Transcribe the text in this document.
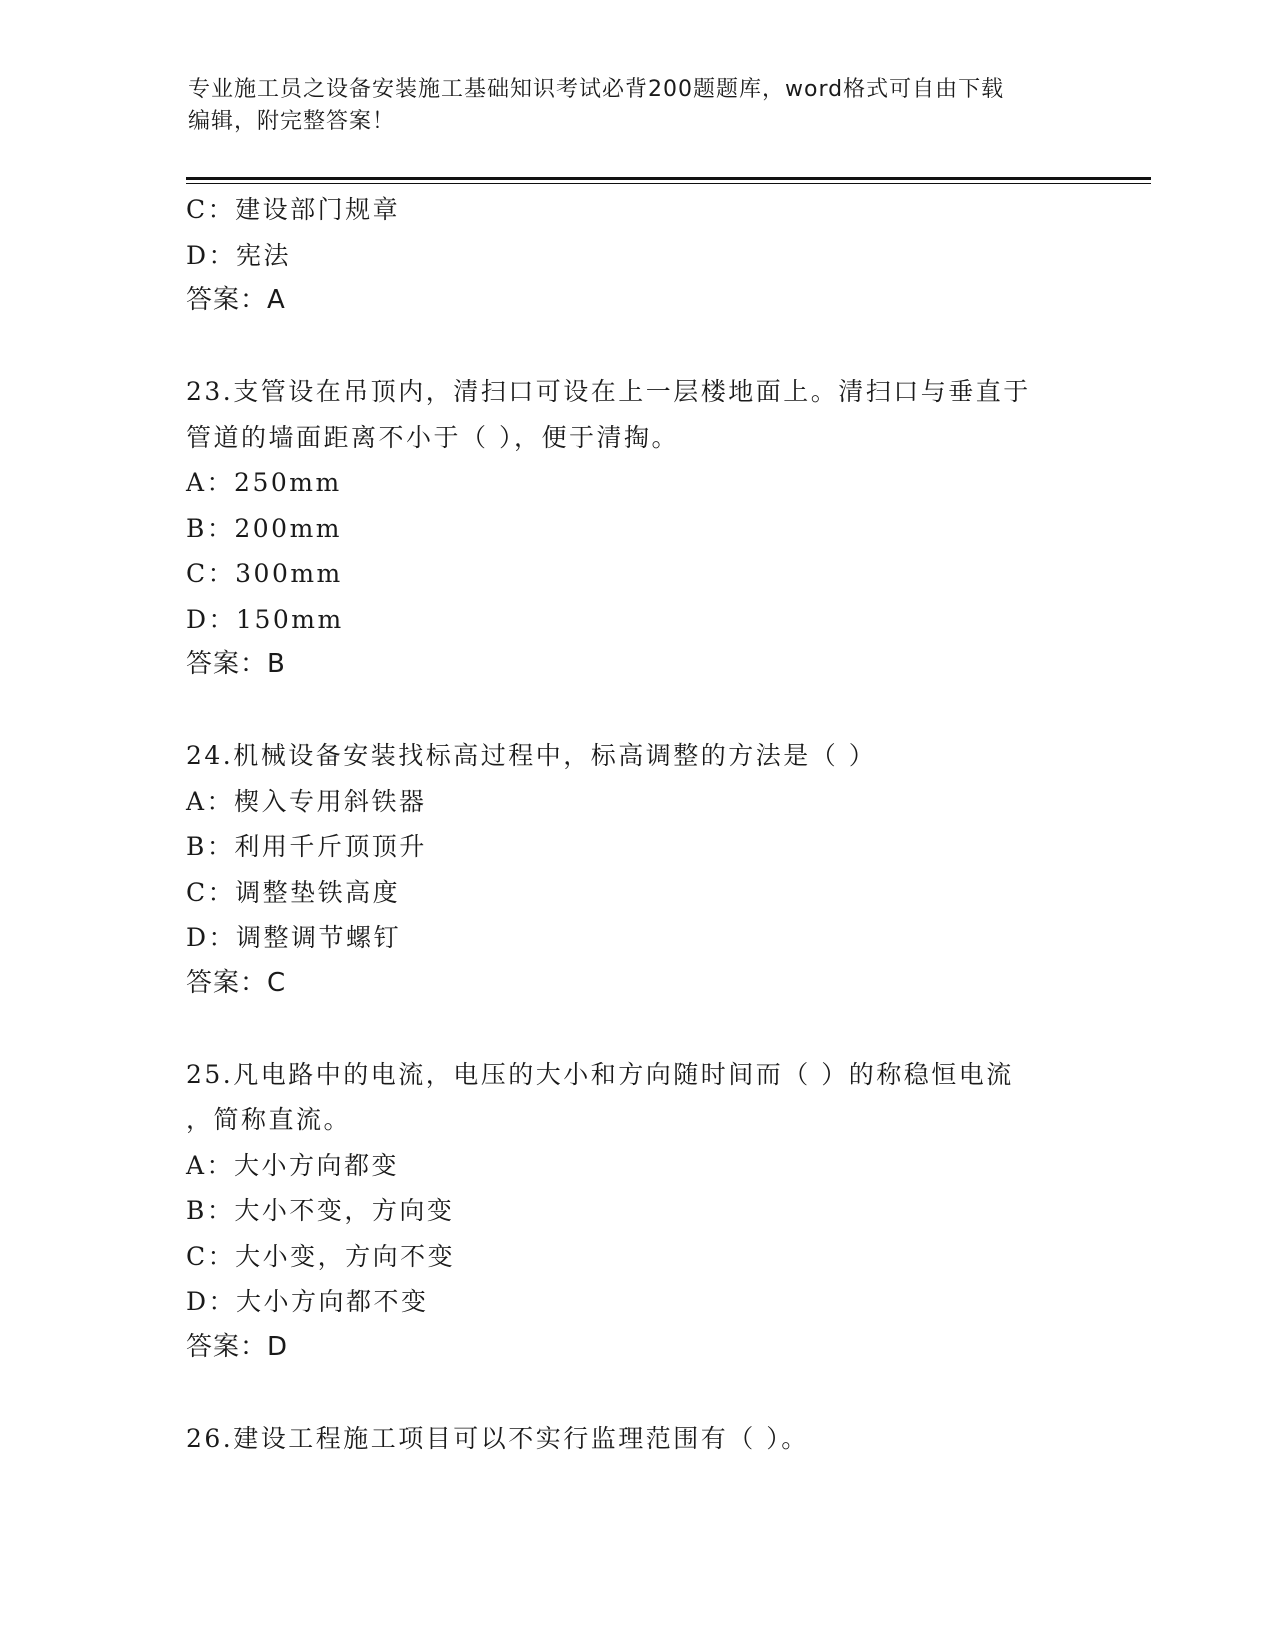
专业施工员之设备安装施工基础知识考试必背200题题库，word格式可自由下载
编辑，附完整答案！
C：建设部门规章
D：宪法
答案：A
23.支管设在吊顶内，清扫口可设在上一层楼地面上。清扫口与垂直于
管道的墙面距离不小于（ ），便于清掏。
A：250mm
B：200mm
C：300mm
D：150mm
答案：B
24.机械设备安装找标高过程中，标高调整的方法是（ ）
A：楔入专用斜铁器
B：利用千斤顶顶升
C：调整垫铁高度
D：调整调节螺钉
答案：C
25.凡电路中的电流，电压的大小和方向随时间而（ ）的称稳恒电流
，简称直流。
A：大小方向都变
B：大小不变，方向变
C：大小变，方向不变
D：大小方向都不变
答案：D
26.建设工程施工项目可以不实行监理范围有（ ）。
